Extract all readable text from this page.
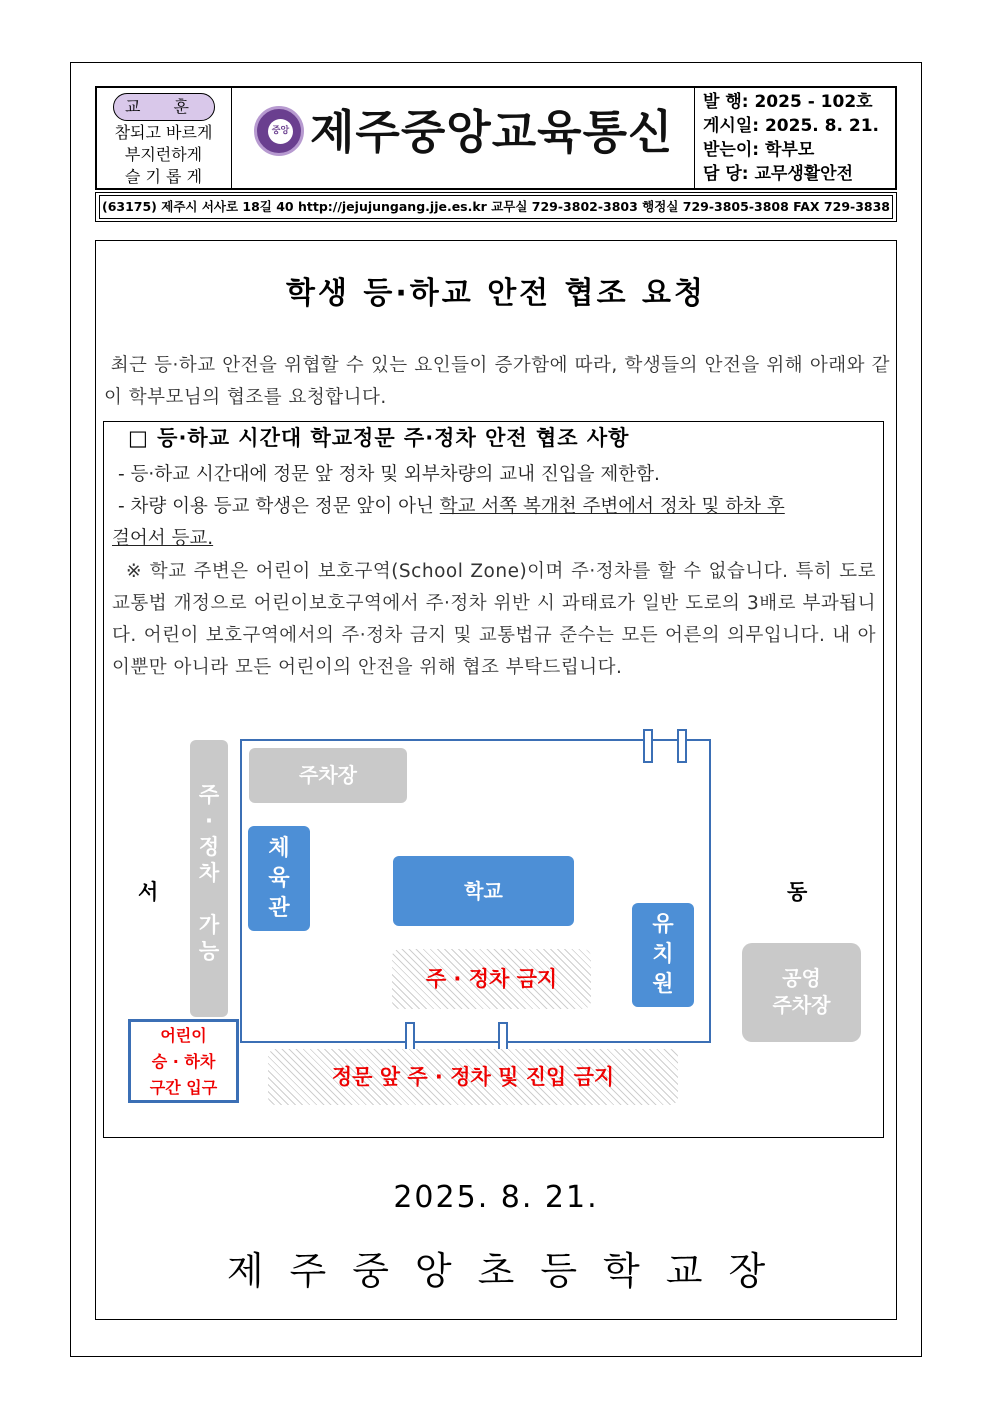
교 훈
참되고 바르게
부지런하게
슬 기 롭 게
중앙 제주중앙교육통신
발 행: 2025 - 102호
게시일: 2025. 8. 21.
받는이: 학부모
담 당: 교무생활안전
(63175) 제주시 서사로 18길 40 http://jejujungang.jje.es.kr 교무실 729-3802-3803 행정실 729-3805-3808 FAX 729-3838
학생 등·하교 안전 협조 요청
최근 등·하교 안전을 위협할 수 있는 요인들이 증가함에 따라, 학생들의 안전을 위해 아래와 같이 학부모님의 협조를 요청합니다.
□ 등·하교 시간대 학교정문 주·정차 안전 협조 사항
- 등·하교 시간대에 정문 앞 정차 및 외부차량의 교내 진입을 제한함.
- 차량 이용 등교 학생은 정문 앞이 아닌 학교 서쪽 복개천 주변에서 정차 및 하차 후
걸어서 등교.
※ 학교 주변은 어린이 보호구역(School Zone)이며 주·정차를 할 수 없습니다. 특히 도로교통법 개정으로 어린이보호구역에서 주·정차 위반 시 과태료가 일반 도로의 3배로 부과됩니다. 어린이 보호구역에서의 주·정차 금지 및 교통법규 준수는 모든 어른의 의무입니다. 내 아이뿐만 아니라 모든 어린이의 안전을 위해 협조 부탁드립니다.
주차장
주
·
정
차
가
능
서	동
체
육
관
학교
주 · 정차 금지
유
치
원	공영
주차장
어린이
승 · 하차
구간 입구	정문 앞 주 · 정차 및 진입 금지
2025. 8. 21.
제주중앙초등학교장
